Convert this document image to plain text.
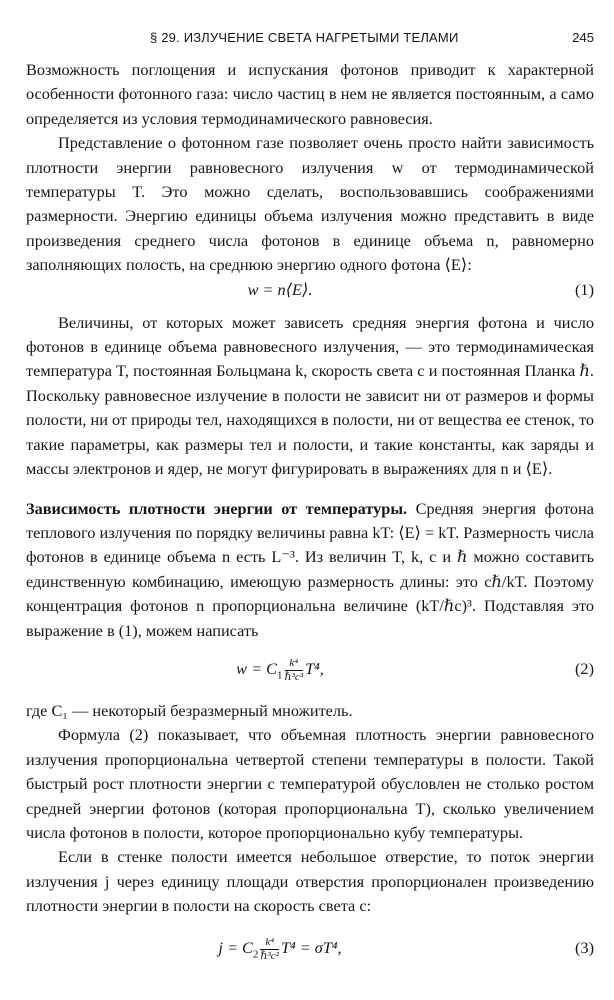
§ 29. ИЗЛУЧЕНИЕ СВЕТА НАГРЕТЫМИ ТЕЛАМИ	245

Возможность поглощения и испускания фотонов приводит к характерной особенности фотонного газа: число частиц в нем не является постоянным, а само определяется из условия термодинамического равновесия.

Представление о фотонном газе позволяет очень просто найти зависимость плотности энергии равновесного излучения w от термодинамической температуры T. Это можно сделать, воспользовавшись соображениями размерности. Энергию единицы объема излучения можно представить в виде произведения среднего числа фотонов в единице объема n, равномерно заполняющих полость, на среднюю энергию одного фотона ⟨E⟩:

w = n⟨E⟩.	(1)

Величины, от которых может зависеть средняя энергия фотона и число фотонов в единице объема равновесного излучения, — это термодинамическая температура T, постоянная Больцмана k, скорость света c и постоянная Планка ℏ. Поскольку равновесное излучение в полости не зависит ни от размеров и формы полости, ни от природы тел, находящихся в полости, ни от вещества ее стенок, то такие параметры, как размеры тел и полости, и такие константы, как заряды и массы электронов и ядер, не могут фигурировать в выражениях для n и ⟨E⟩.

Зависимость плотности энергии от температуры. Средняя энергия фотона теплового излучения по порядку величины равна kT: ⟨E⟩ = kT. Размерность числа фотонов в единице объема n есть L⁻³. Из величин T, k, c и ℏ можно составить единственную комбинацию, имеющую размерность длины: это cℏ/kT. Поэтому концентрация фотонов n пропорциональна величине (kT/ℏc)³. Подставляя это выражение в (1), можем написать

$w = C_1 \frac{\text{k⁴}}{\text{ℏ³c³}} T^4$,	(2)

где C₁ — некоторый безразмерный множитель.

Формула (2) показывает, что объемная плотность энергии равновесного излучения пропорциональна четвертой степени температуры в полости. Такой быстрый рост плотности энергии с температурой обусловлен не столько ростом средней энергии фотонов (которая пропорциональна T), сколько увеличением числа фотонов в полости, которое пропорционально кубу температуры.

Если в стенке полости имеется небольшое отверстие, то поток энергии излучения j через единицу площади отверстия пропорционален произведению плотности энергии в полости на скорость света c:

$j = C_2 \frac{\text{k⁴}}{\text{ℏ³c²}} T^4 = \sigma T^4$,	(3)
